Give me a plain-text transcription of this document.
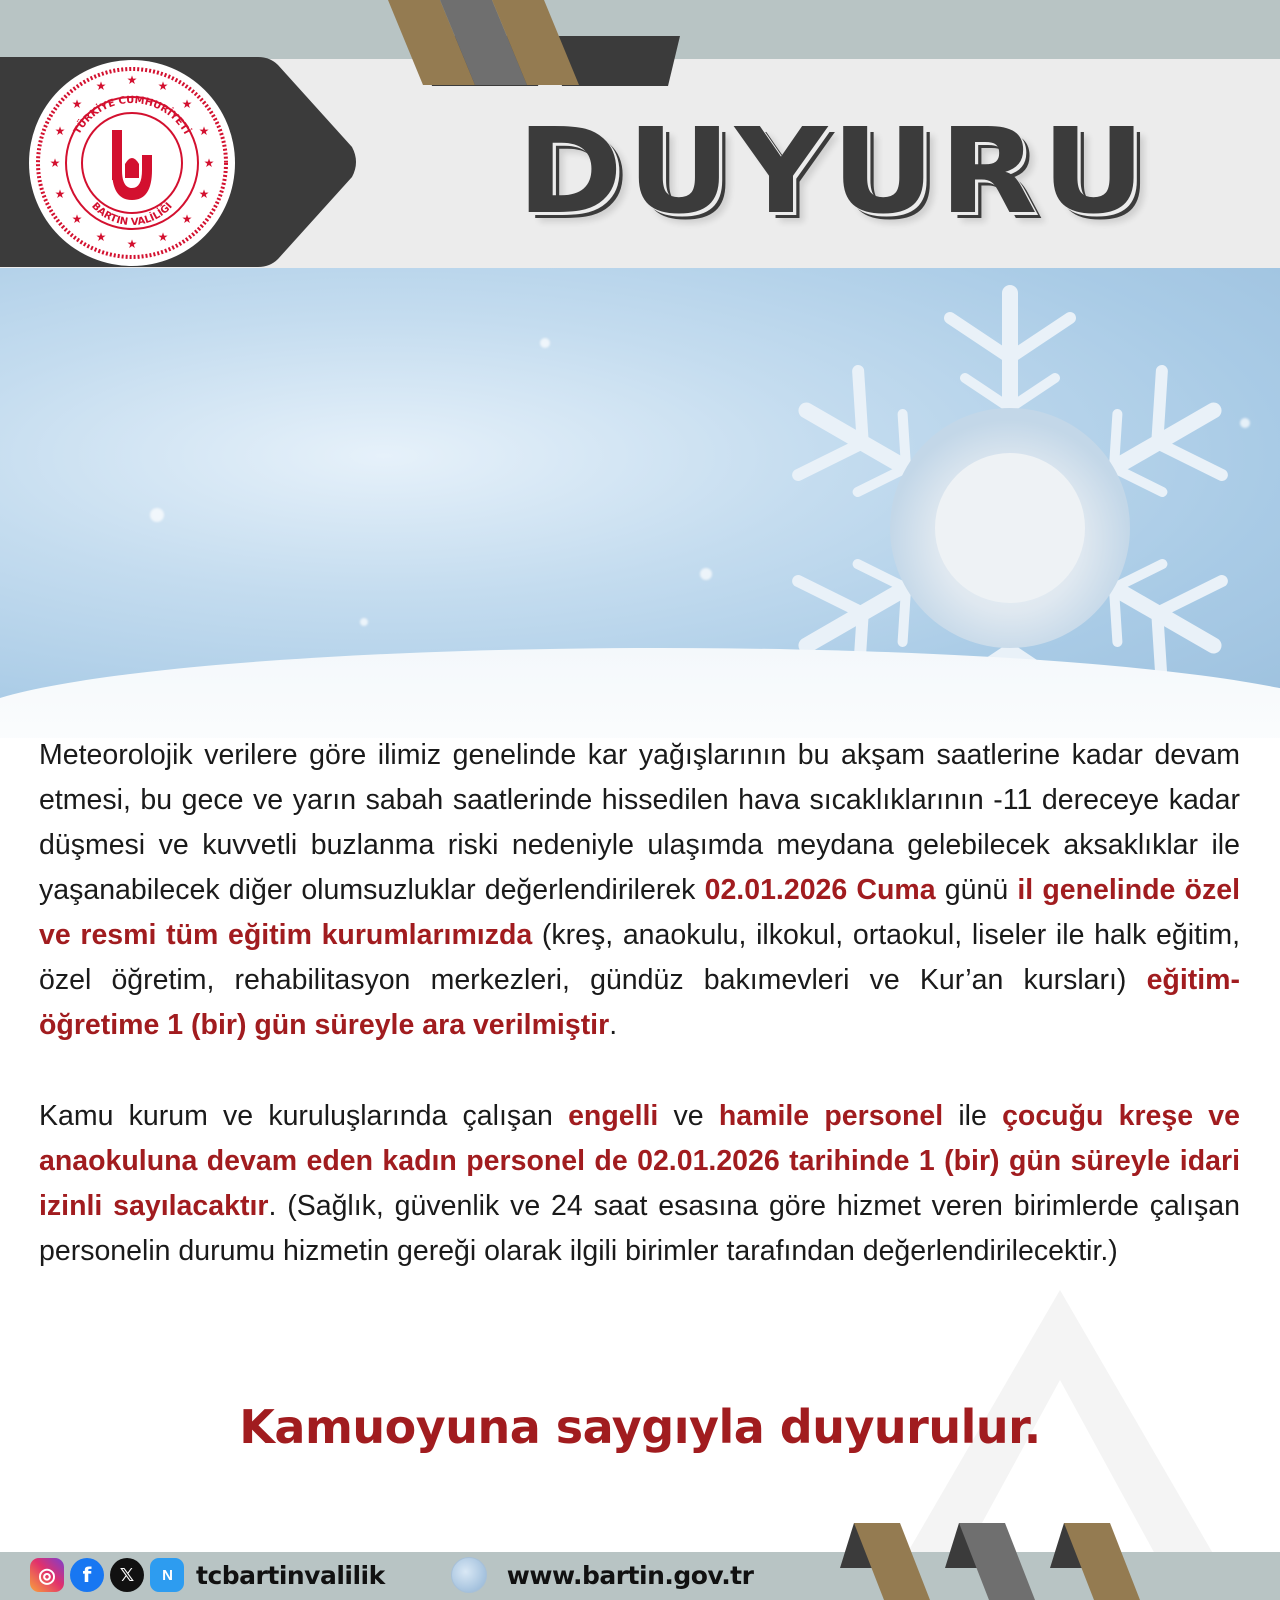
★ ★
★
★
★
★
★
★
★
★
★
★
★
★
★ ★
TÜRKİYE CUMHURİYETİ
BARTIN VALİLİĞİ	DUYURU

Meteorolojik verilere göre ilimiz genelinde kar yağışlarının bu akşam saatlerine kadar devam etmesi, bu gece ve yarın sabah saatlerinde hissedilen hava sıcaklıklarının -11 dereceye kadar düşmesi ve kuvvetli buzlanma riski nedeniyle ulaşımda meydana gelebilecek aksaklıklar ile yaşanabilecek diğer olumsuzluklar değerlendirilerek 02.01.2026 Cuma günü il genelinde özel ve resmi tüm eğitim kurumlarımızda (kreş, anaokulu, ilkokul, ortaokul, liseler ile halk eğitim, özel öğretim, rehabilitasyon merkezleri, gündüz bakımevleri ve Kur’an kursları) eğitim-öğretime 1 (bir) gün süreyle ara verilmiştir.

Kamu kurum ve kuruluşlarında çalışan engelli ve hamile personel ile çocuğu kreşe ve anaokuluna devam eden kadın personel de 02.01.2026 tarihinde 1 (bir) gün süreyle idari izinli sayılacaktır. (Sağlık, güvenlik ve 24 saat esasına göre hizmet veren birimlerde çalışan personelin durumu hizmetin gereği olarak ilgili birimler tarafından değerlendirilecektir.)

Kamuoyuna saygıyla duyurulur.
◎ f 𝕏 N tcbartinvalilik	www.bartin.gov.tr
